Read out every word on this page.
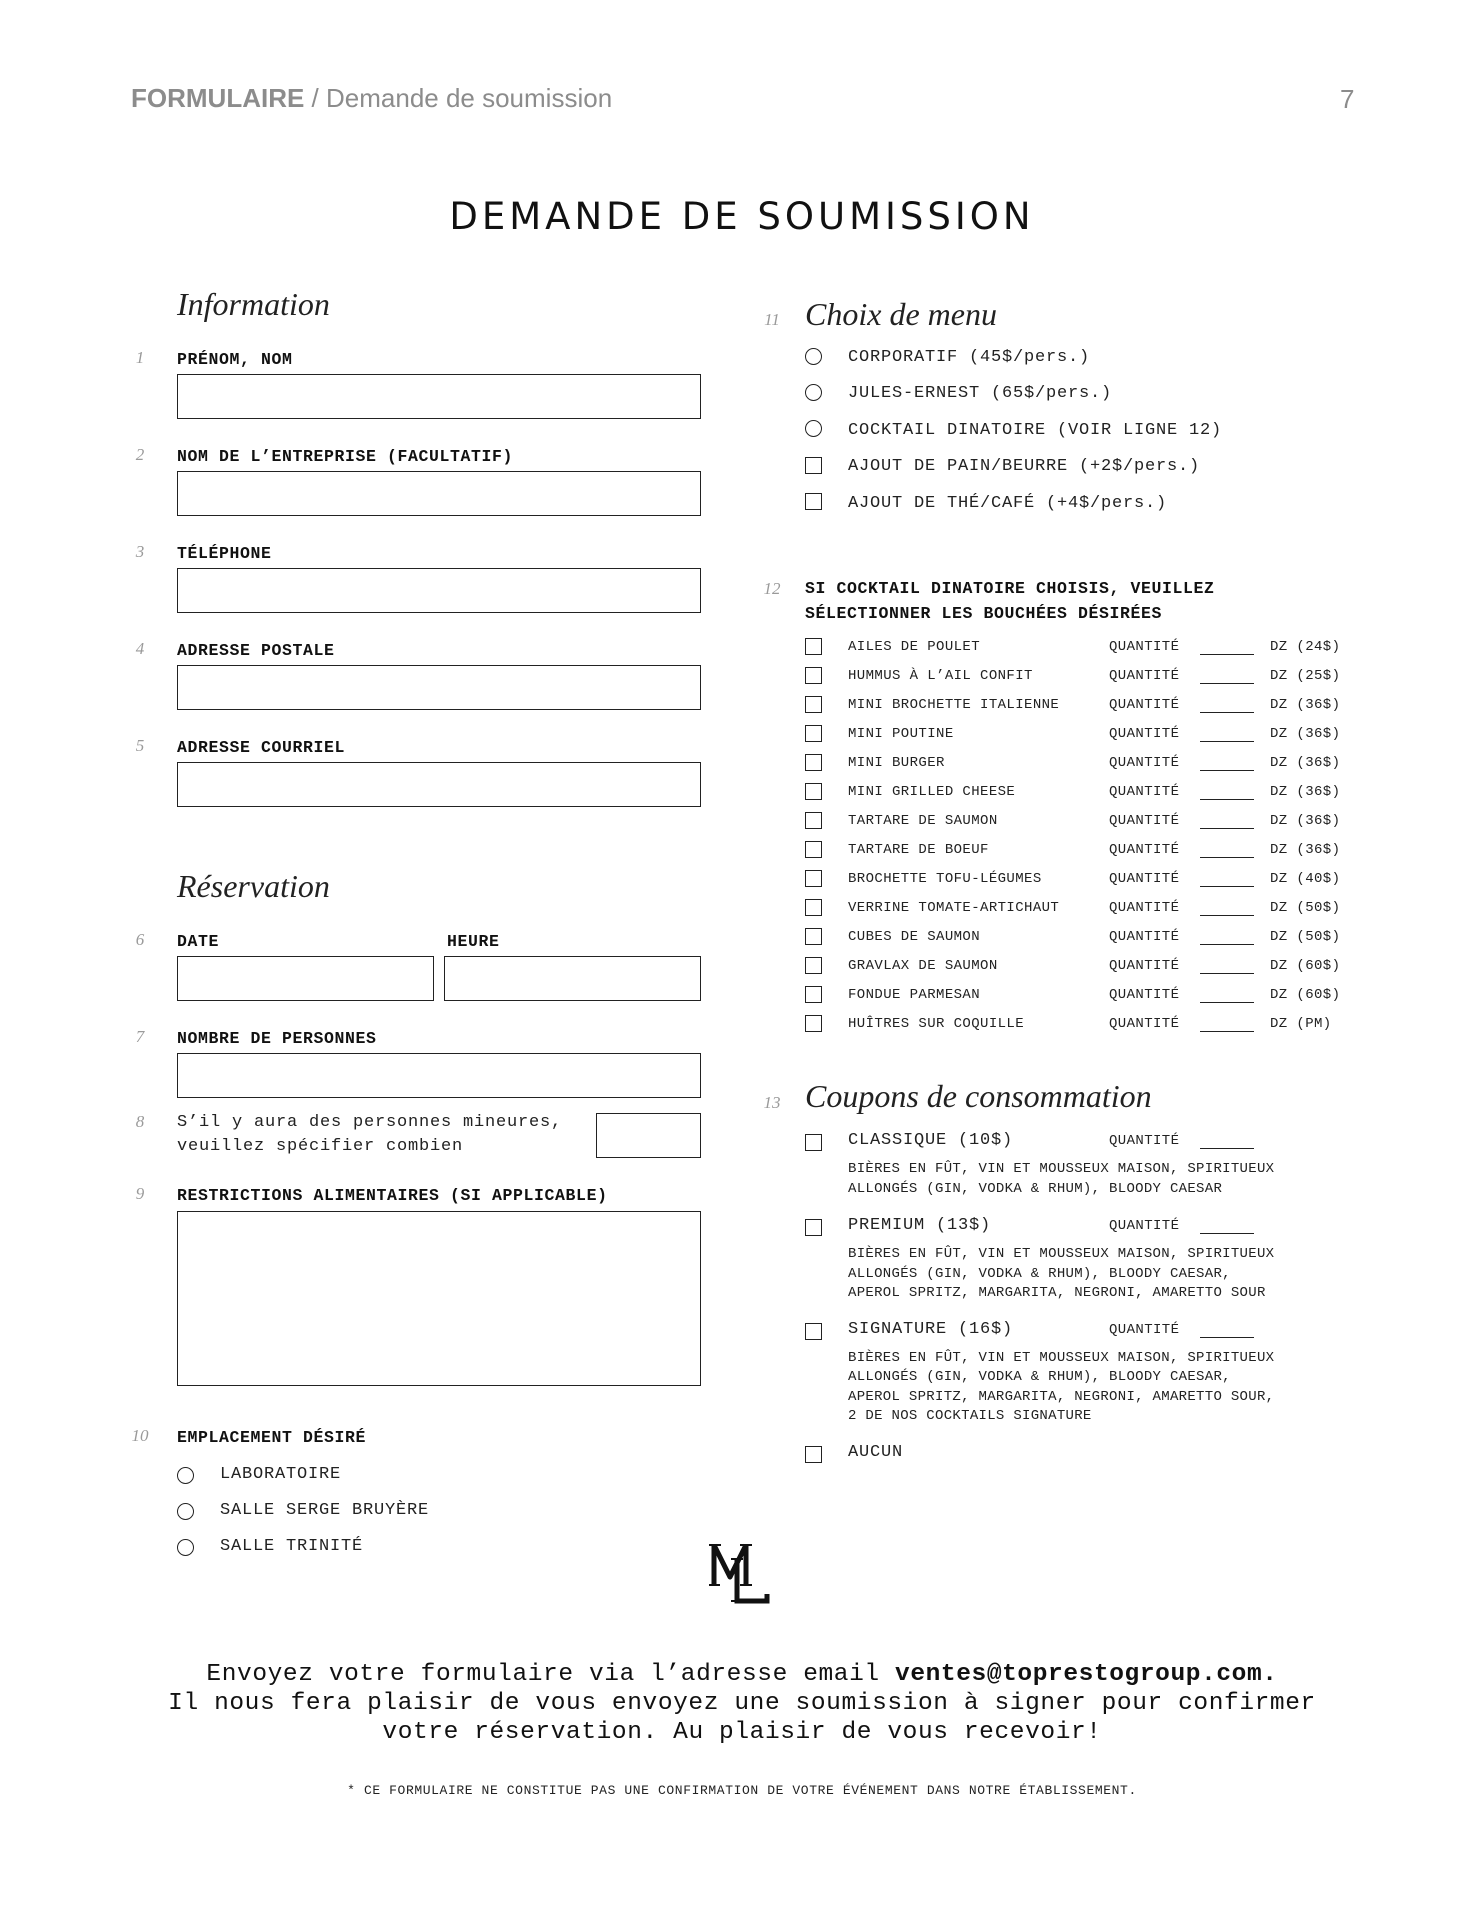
FORMULAIRE / Demande de soumission	7
DEMANDE DE SOUMISSION
Information
1	PRÉNOM, NOM
2	NOM DE L’ENTREPRISE (FACULTATIF)
3	TÉLÉPHONE
4	ADRESSE POSTALE
5	ADRESSE COURRIEL
Réservation
6	DATE	HEURE
7	NOMBRE DE PERSONNES
8	S’il y aura des personnes mineures,
veuillez spécifier combien
9	RESTRICTIONS ALIMENTAIRES (SI APPLICABLE)
10 EMPLACEMENT DÉSIRÉ
LABORATOIRE
SALLE SERGE BRUYÈRE
SALLE TRINITÉ
11 Choix de menu
CORPORATIF (45$/pers.)
JULES-ERNEST (65$/pers.)
COCKTAIL DINATOIRE (VOIR LIGNE 12)
AJOUT DE PAIN/BEURRE (+2$/pers.)
AJOUT DE THÉ/CAFÉ (+4$/pers.)
12 SI COCKTAIL DINATOIRE CHOISIS, VEUILLEZ
SÉLECTIONNER LES BOUCHÉES DÉSIRÉES
AILES DE POULET	QUANTITÉ	DZ (24$)
HUMMUS À L’AIL CONFIT	QUANTITÉ	DZ (25$)
MINI BROCHETTE ITALIENNE	QUANTITÉ	DZ (36$)
MINI POUTINE	QUANTITÉ	DZ (36$)
MINI BURGER	QUANTITÉ	DZ (36$)
MINI GRILLED CHEESE	QUANTITÉ	DZ (36$)
TARTARE DE SAUMON	QUANTITÉ	DZ (36$)
TARTARE DE BOEUF	QUANTITÉ	DZ (36$)
BROCHETTE TOFU-LÉGUMES	QUANTITÉ	DZ (40$)
VERRINE TOMATE-ARTICHAUT	QUANTITÉ	DZ (50$)
CUBES DE SAUMON	QUANTITÉ	DZ (50$)
GRAVLAX DE SAUMON	QUANTITÉ	DZ (60$)
FONDUE PARMESAN	QUANTITÉ	DZ (60$)
HUÎTRES SUR COQUILLE	QUANTITÉ	DZ (PM)
13 Coupons de consommation
CLASSIQUE (10$)	QUANTITÉ
BIÈRES EN FÛT, VIN ET MOUSSEUX MAISON, SPIRITUEUX
ALLONGÉS (GIN, VODKA & RHUM), BLOODY CAESAR
PREMIUM (13$)	QUANTITÉ
BIÈRES EN FÛT, VIN ET MOUSSEUX MAISON, SPIRITUEUX
ALLONGÉS (GIN, VODKA & RHUM), BLOODY CAESAR,
APEROL SPRITZ, MARGARITA, NEGRONI, AMARETTO SOUR
SIGNATURE (16$)	QUANTITÉ
BIÈRES EN FÛT, VIN ET MOUSSEUX MAISON, SPIRITUEUX
ALLONGÉS (GIN, VODKA & RHUM), BLOODY CAESAR,
APEROL SPRITZ, MARGARITA, NEGRONI, AMARETTO SOUR,
2 DE NOS COCKTAILS SIGNATURE
AUCUN
Envoyez votre formulaire via l’adresse email ventes@toprestogroup.com.
Il nous fera plaisir de vous envoyez une soumission à signer pour confirmer
votre réservation. Au plaisir de vous recevoir!
* CE FORMULAIRE NE CONSTITUE PAS UNE CONFIRMATION DE VOTRE ÉVÉNEMENT DANS NOTRE ÉTABLISSEMENT.
